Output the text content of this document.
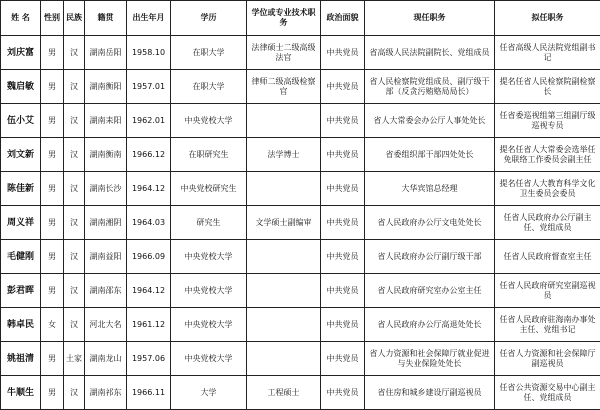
姓 名	性别	民族	籍贯	出生年月	学历	学位或专业技术职务	政治面貌	现任职务	拟任职务
刘庆富	男	汉	湖南岳阳	1958.10	在职大学	法律硕士二级高级法官	中共党员	省高级人民法院副院长、党组成员	任省高级人民法院党组副书记
魏启敏	男	汉	湖南衡阳	1957.01	在职大学	律师二级高级检察官	中共党员	省人民检察院党组成员、副厅级干部（反贪污贿赂局局长）	提名任省人民检察院副检察长
伍小艾	男	汉	湖南耒阳	1962.01	中央党校大学		中共党员	省人大常委会办公厅人事处处长	任省委巡视组第三组副厅级巡视专员
刘文新	男	汉	湖南衡南	1966.12	在职研究生	法学博士	中共党员	省委组织部干部四处处长	提名任省人大常委会选举任免联络工作委员会副主任
陈佳新	男	汉	湖南长沙	1964.12	中央党校研究生		中共党员	大华宾馆总经理	提名任省人大教育科学文化卫生委员会委员
周义祥	男	汉	湖南湘阴	1964.03	研究生	文学硕士副编审	中共党员	省人民政府办公厅文电处处长	任省人民政府办公厅副主任、党组成员
毛健刚	男	汉	湖南益阳	1966.09	中央党校大学		中共党员	省人民政府办公厅副厅级干部	任省人民政府督查室主任
彭君晖	男	汉	湖南邵东	1964.12	中央党校大学		中共党员	省人民政府研究室办公室主任	任省人民政府研究室副巡视员
韩卓民	女	汉	河北大名	1961.12	中央党校大学		中共党员	省人民政府办公厅高退处处长	任省人民政府驻海南办事处主任、党组书记
姚祖清	男	土家	湖南龙山	1957.06	中央党校大学		中共党员	省人力资源和社会保障厅就业促进与失业保险处处长	任省人力资源和社会保障厅副巡视员
牛顺生	男	汉	湖南祁东	1966.11	大学	工程硕士	中共党员	省住房和城乡建设厅副巡视员	任省公共资源交易中心副主任、党组成员
